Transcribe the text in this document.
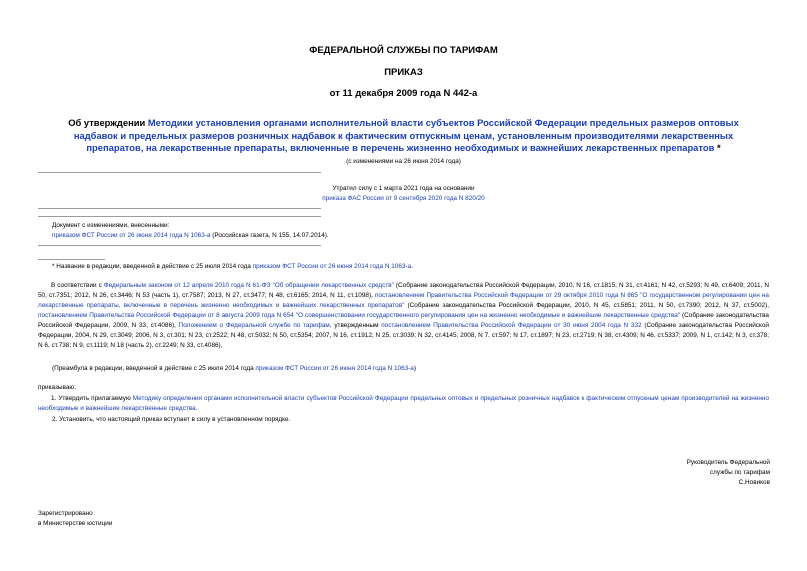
ФЕДЕРАЛЬНОЙ СЛУЖБЫ ПО ТАРИФАМ
ПРИКАЗ
от 11 декабря 2009 года N 442-а
Об утверждении Методики установления органами исполнительной власти субъектов Российской Федерации предельных размеров оптовых надбавок и предельных размеров розничных надбавок к фактическим отпускным ценам, установленным производителями лекарственных препаратов, на лекарственные препараты, включенные в перечень жизненно необходимых и важнейших лекарственных препаратов *
(с изменениями на 26 июня 2014 года)
Утратил силу с 1 марта 2021 года на основании
приказа ФАС России от 9 сентября 2020 года N 820/20
Документ с изменениями, внесенными:
приказом ФСТ России от 26 июня 2014 года N 1063-а (Российская газета, N 155, 14.07.2014).
* Название в редакции, введенной в действие с 25 июля 2014 года приказом ФСТ России от 26 июня 2014 года N 1063-а.

В соответствии с Федеральным законом от 12 апреля 2010 года N 61-ФЗ "Об обращении лекарственных средств" (Собрание законодательства Российской Федерации, 2010, N 16, ст.1815; N 31, ст.4161; N 42, ст.5293; N 49, ст.6409; 2011, N 50, ст.7351; 2012, N 26, ст.3446; N 53 (часть 1), ст.7587; 2013, N 27, ст.3477; N 48, ст.6165; 2014, N 11, ст.1098), постановлением Правительства Российской Федерации от 29 октября 2010 года N 865 "О государственном регулировании цен на лекарственные препараты, включенные в перечень жизненно необходимых и важнейших лекарственных препаратов" (Собрание законодательства Российской Федерации, 2010, N 45, ст.5851; 2011, N 50, ст.7390; 2012, N 37, ст.5002), постановлением Правительства Российской Федерации от 8 августа 2009 года N 654 "О совершенствовании государственного регулирования цен на жизненно необходимые и важнейшие лекарственные средства" (Собрание законодательства Российской Федерации, 2009, N 33, ст.4086), Положением о Федеральной службе по тарифам, утвержденным постановлением Правительства Российской Федерации от 30 июня 2004 года N 332 (Собрание законодательства Российской Федерации, 2004, N 29, ст.3049; 2006, N 3, ст.301; N 23, ст.2522; N 48, ст.5032; N 50, ст.5354; 2007, N 16, ст.1912; N 25, ст.3039; N 32, ст.4145; 2008, N 7, ст.597; N 17, ст.1897; N 23, ст.2719; N 38, ст.4309; N 46, ст.5337; 2009, N 1, ст.142; N 3, ст.378; N 6, ст.738; N 9, ст.1119; N 18 (часть 2), ст.2249; N 33, ст.4086),

(Преамбула в редакции, введенной в действие с 25 июля 2014 года приказом ФСТ России от 26 июня 2014 года N 1063-а)
приказываю:

1. Утвердить прилагаемую Методику определения органами исполнительной власти субъектов Российской Федерации предельных оптовых и предельных розничных надбавок к фактическим отпускным ценам производителей на жизненно необходимые и важнейшие лекарственные средства.

2. Установить, что настоящий приказ вступает в силу в установленном порядке.
Руководитель Федеральной
службы по тарифам
С.Новиков
Зарегистрировано
в Министерстве юстиции
